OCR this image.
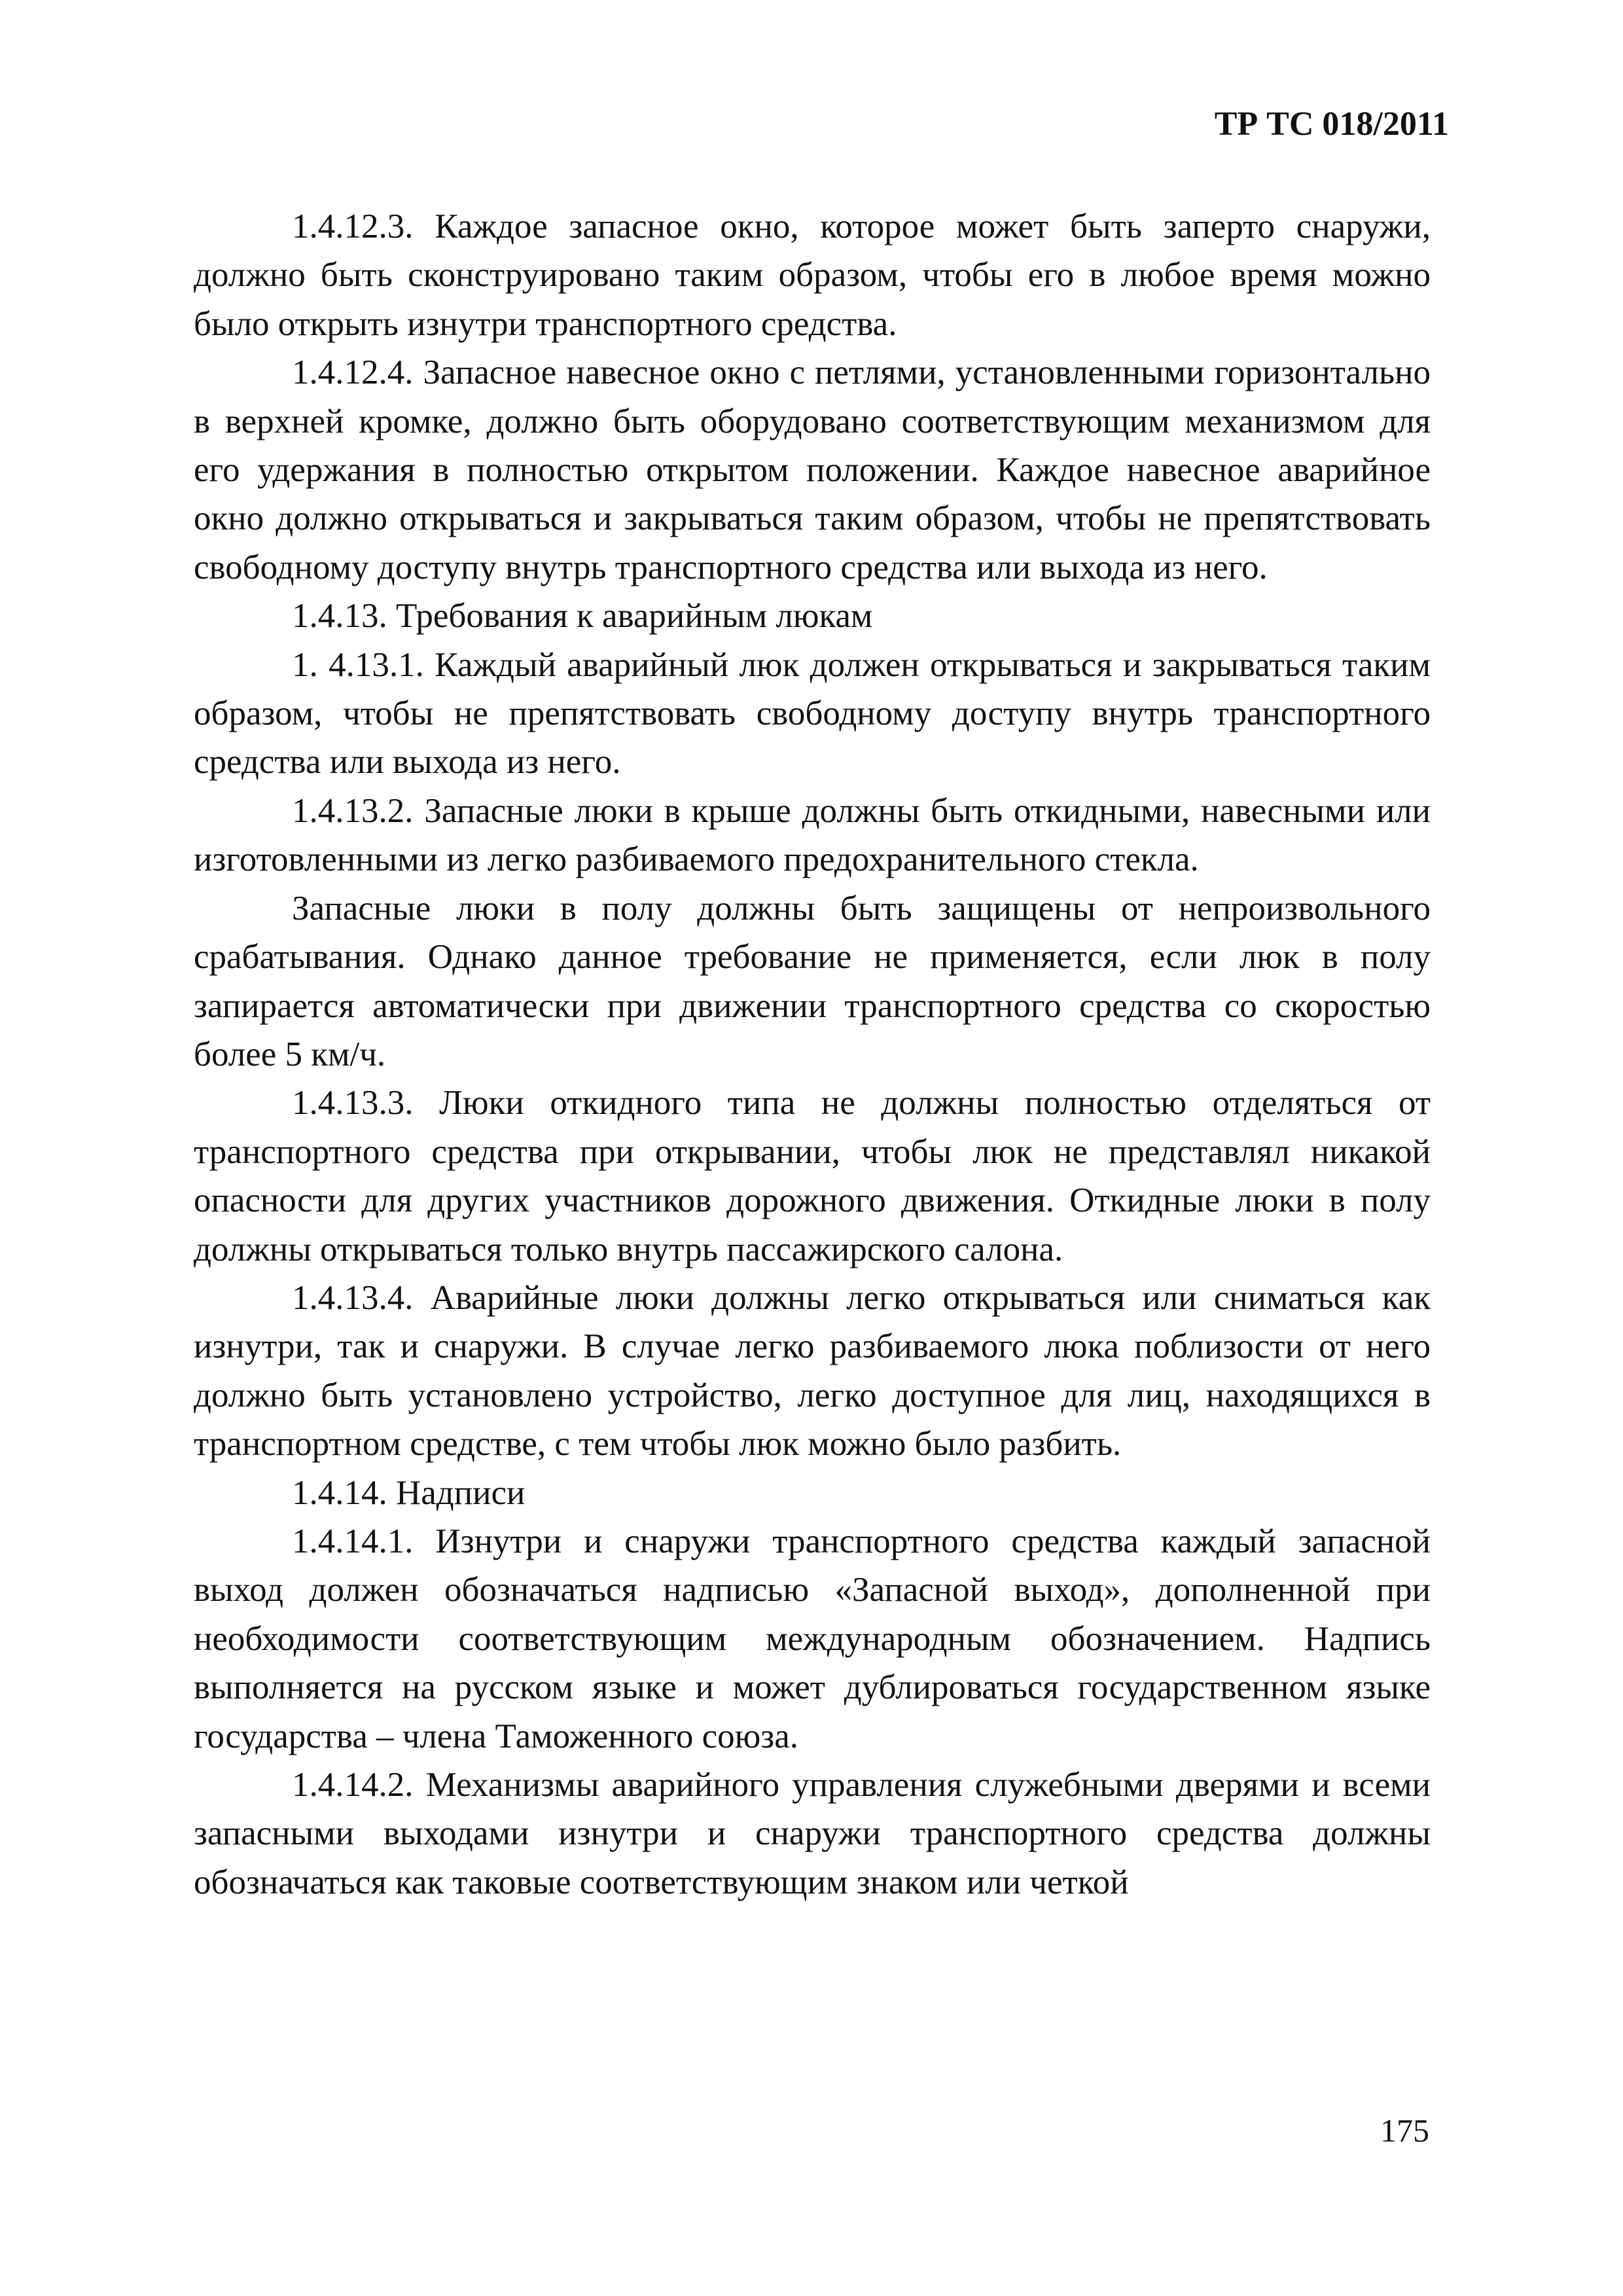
ТР ТС 018/2011

1.4.12.3. Каждое запасное окно, которое может быть заперто снаружи, должно быть сконструировано таким образом, чтобы его в любое время можно было открыть изнутри транспортного средства.

1.4.12.4. Запасное навесное окно с петлями, установленными горизонтально в верхней кромке, должно быть оборудовано соответствующим механизмом для его удержания в полностью открытом положении. Каждое навесное аварийное окно должно открываться и закрываться таким образом, чтобы не препятствовать свободному доступу внутрь транспортного средства или выхода из него.

1.4.13. Требования к аварийным люкам

1. 4.13.1. Каждый аварийный люк должен открываться и закрываться таким образом, чтобы не препятствовать свободному доступу внутрь транспортного средства или выхода из него.

1.4.13.2. Запасные люки в крыше должны быть откидными, навесными или изготовленными из легко разбиваемого предохранительного стекла.

Запасные люки в полу должны быть защищены от непроизвольного срабатывания. Однако данное требование не применяется, если люк в полу запирается автоматически при движении транспортного средства со скоростью более 5 км/ч.

1.4.13.3. Люки откидного типа не должны полностью отделяться от транспортного средства при открывании, чтобы люк не представлял никакой опасности для других участников дорожного движения. Откидные люки в полу должны открываться только внутрь пассажирского салона.

1.4.13.4. Аварийные люки должны легко открываться или сниматься как изнутри, так и снаружи. В случае легко разбиваемого люка поблизости от него должно быть установлено устройство, легко доступное для лиц, находящихся в транспортном средстве, с тем чтобы люк можно было разбить.

1.4.14. Надписи

1.4.14.1. Изнутри и снаружи транспортного средства каждый запасной выход должен обозначаться надписью «Запасной выход», дополненной при необходимости соответствующим международным обозначением. Надпись выполняется на русском языке и может дублироваться государственном языке государства – члена Таможенного союза.

1.4.14.2. Механизмы аварийного управления служебными дверями и всеми запасными выходами изнутри и снаружи транспортного средства должны обозначаться как таковые соответствующим знаком или четкой

175
